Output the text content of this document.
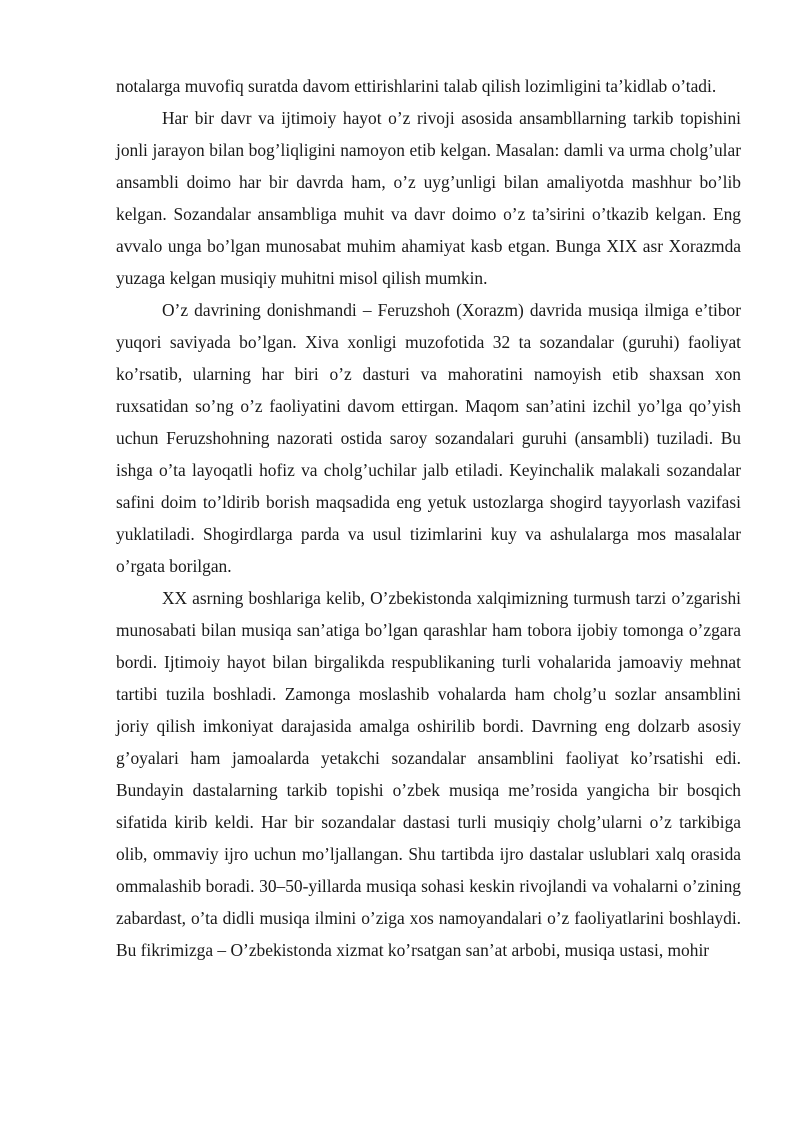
notalarga muvofiq suratda davom ettirishlarini talab qilish lozimligini ta’kidlab o’tadi.

Har bir davr va ijtimoiy hayot o’z rivoji asosida ansambllarning tarkib topishini jonli jarayon bilan bog’liqligini namoyon etib kelgan. Masalan: damli va urma cholg’ular ansambli doimo har bir davrda ham, o’z uyg’unligi bilan amaliyotda mashhur bo’lib kelgan. Sozandalar ansambliga muhit va davr doimo o’z ta’sirini o’tkazib kelgan. Eng avvalo unga bo’lgan munosabat muhim ahamiyat kasb etgan. Bunga XIX asr Xorazmda yuzaga kelgan musiqiy muhitni misol qilish mumkin.

O’z davrining donishmandi – Feruzshoh (Xorazm) davrida musiqa ilmiga e’tibor yuqori saviyada bo’lgan. Xiva xonligi muzofotida 32 ta sozandalar (guruhi) faoliyat ko’rsatib, ularning har biri o’z dasturi va mahoratini namoyish etib shaxsan xon ruxsatidan so’ng o’z faoliyatini davom ettirgan. Maqom san’atini izchil yo’lga qo’yish uchun Feruzshohning nazorati ostida saroy sozandalari guruhi (ansambli) tuziladi. Bu ishga o’ta layoqatli hofiz va cholg’uchilar jalb etiladi. Keyinchalik malakali sozandalar safini doim to’ldirib borish maqsadida eng yetuk ustozlarga shogird tayyorlash vazifasi yuklatiladi. Shogirdlarga parda va usul tizimlarini kuy va ashulalarga mos masalalar o’rgata borilgan.

XX asrning boshlariga kelib, O’zbekistonda xalqimizning turmush tarzi o’zgarishi munosabati bilan musiqa san’atiga bo’lgan qarashlar ham tobora ijobiy tomonga o’zgara bordi. Ijtimoiy hayot bilan birgalikda respublikaning turli vohalarida jamoaviy mehnat tartibi tuzila boshladi. Zamonga moslashib vohalarda ham cholg’u sozlar ansamblini joriy qilish imkoniyat darajasida amalga oshirilib bordi. Davrning eng dolzarb asosiy g’oyalari ham jamoalarda yetakchi sozandalar ansamblini faoliyat ko’rsatishi edi. Bundayin dastalarning tarkib topishi o’zbek musiqa me’rosida yangicha bir bosqich sifatida kirib keldi. Har bir sozandalar dastasi turli musiqiy cholg’ularni o’z tarkibiga olib, ommaviy ijro uchun mo’ljallangan. Shu tartibda ijro dastalar uslublari xalq orasida ommalashib boradi. 30–50-yillarda musiqa sohasi keskin rivojlandi va vohalarni o’zining zabardast, o’ta didli musiqa ilmini o’ziga xos namoyandalari o’z faoliyatlarini boshlaydi. Bu fikrimizga – O’zbekistonda xizmat ko’rsatgan san’at arbobi, musiqa ustasi, mohir
